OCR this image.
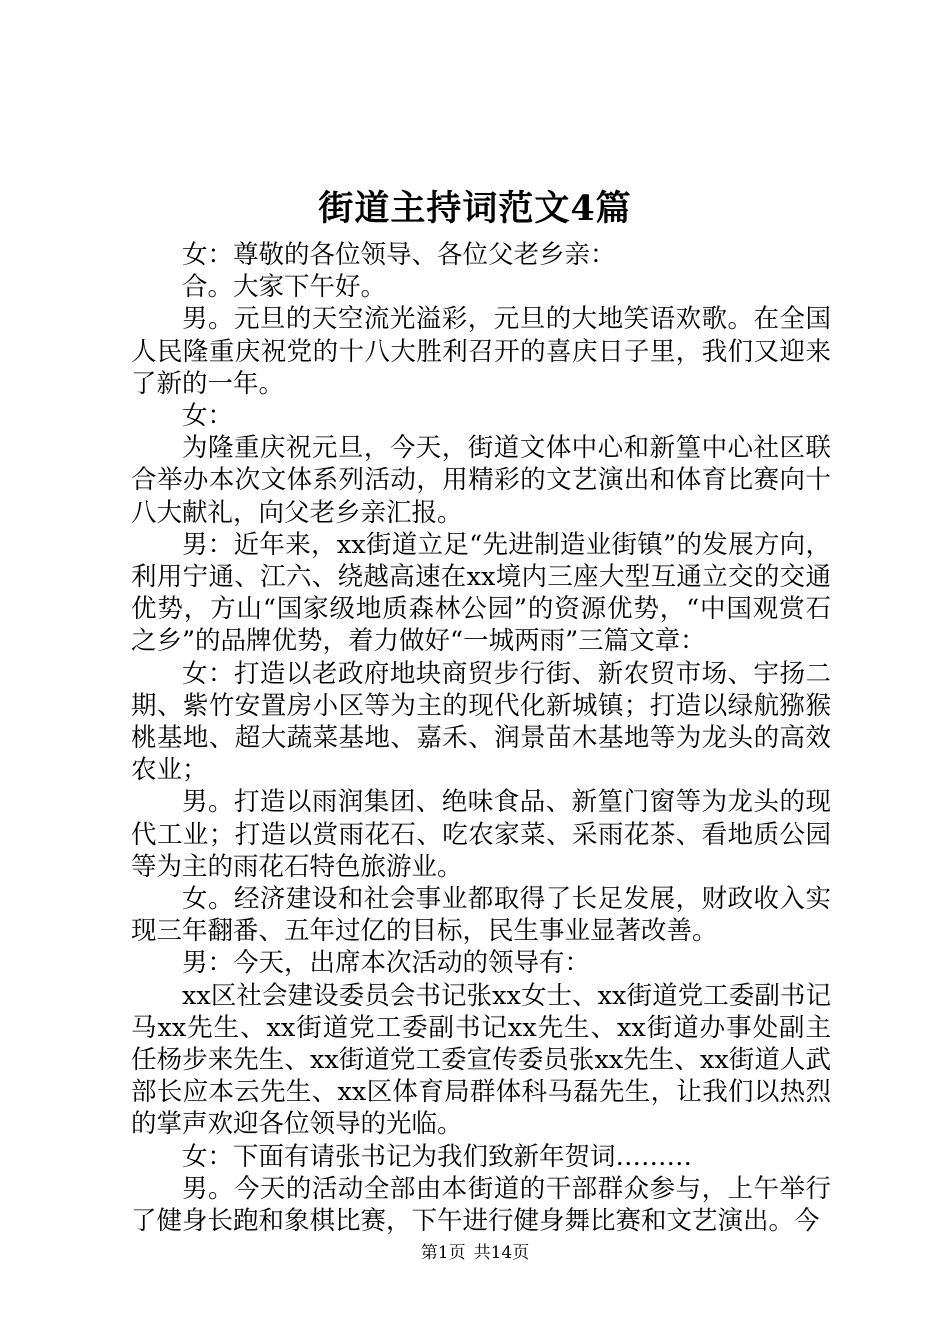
街道主持词范文4篇

女：尊敬的各位领导、各位父老乡亲：

合。大家下午好。

男。元旦的天空流光溢彩，元旦的大地笑语欢歌。在全国人民隆重庆祝党的十八大胜利召开的喜庆日子里，我们又迎来了新的一年。

女：

为隆重庆祝元旦，今天，街道文体中心和新篁中心社区联合举办本次文体系列活动，用精彩的文艺演出和体育比赛向十八大献礼，向父老乡亲汇报。

男：近年来，xx街道立足“先进制造业街镇”的发展方向，利用宁通、江六、绕越高速在xx境内三座大型互通立交的交通优势，方山“国家级地质森林公园”的资源优势，“中国观赏石之乡”的品牌优势，着力做好“一城两雨”三篇文章：

女：打造以老政府地块商贸步行街、新农贸市场、宇扬二期、紫竹安置房小区等为主的现代化新城镇；打造以绿航猕猴桃基地、超大蔬菜基地、嘉禾、润景苗木基地等为龙头的高效农业；

男。打造以雨润集团、绝味食品、新篁门窗等为龙头的现代工业；打造以赏雨花石、吃农家菜、采雨花茶、看地质公园等为主的雨花石特色旅游业。

女。经济建设和社会事业都取得了长足发展，财政收入实现三年翻番、五年过亿的目标，民生事业显著改善。

男：今天，出席本次活动的领导有：

xx区社会建设委员会书记张xx女士、xx街道党工委副书记马xx先生、xx街道党工委副书记xx先生、xx街道办事处副主任杨步来先生、xx街道党工委宣传委员张xx先生、xx街道人武部长应本云先生、xx区体育局群体科马磊先生，让我们以热烈的掌声欢迎各位领导的光临。

女：下面有请张书记为我们致新年贺词………

男。今天的活动全部由本街道的干部群众参与，上午举行了健身长跑和象棋比赛，下午进行健身舞比赛和文艺演出。今

第1页 共14页
